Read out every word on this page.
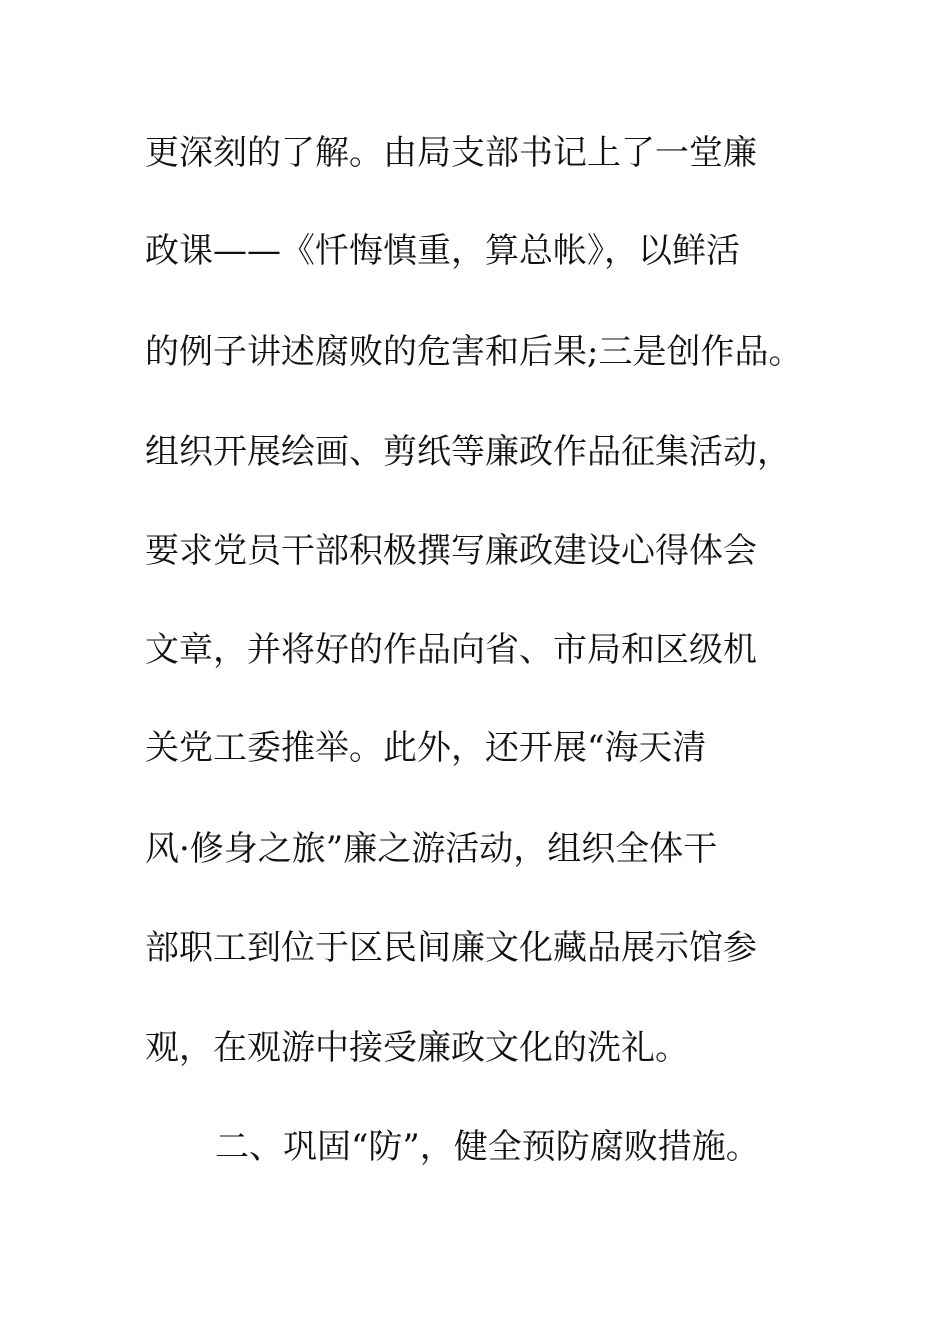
更深刻的了解。由局支部书记上了一堂廉
政课——《忏悔慎重，算总帐》，以鲜活
的例子讲述腐败的危害和后果;三是创作品。
组织开展绘画、剪纸等廉政作品征集活动，
要求党员干部积极撰写廉政建设心得体会
文章，并将好的作品向省、市局和区级机
关党工委推举。此外，还开展“海天清
风·修身之旅”廉之游活动，组织全体干
部职工到位于区民间廉文化藏品展示馆参
观，在观游中接受廉政文化的洗礼。
二、巩固“防”，健全预防腐败措施。
